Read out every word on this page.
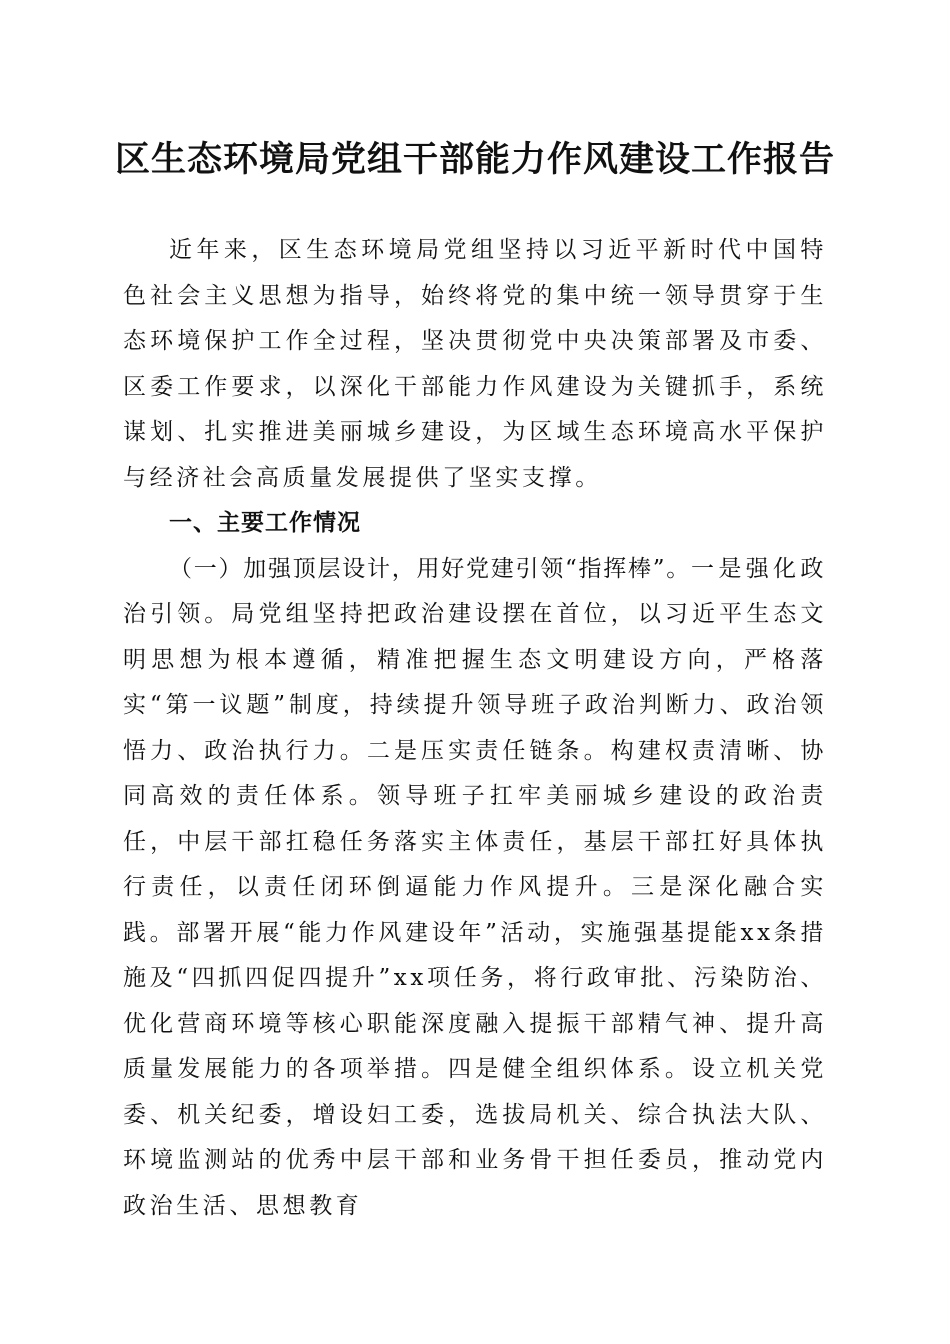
区生态环境局党组干部能力作风建设工作报告

近年来，区生态环境局党组坚持以习近平新时代中国特色社会主义思想为指导，始终将党的集中统一领导贯穿于生态环境保护工作全过程，坚决贯彻党中央决策部署及市委、区委工作要求，以深化干部能力作风建设为关键抓手，系统谋划、扎实推进美丽城乡建设，为区域生态环境高水平保护与经济社会高质量发展提供了坚实支撑。

一、主要工作情况

（一）加强顶层设计，用好党建引领“指挥棒”。一是强化政治引领。局党组坚持把政治建设摆在首位，以习近平生态文明思想为根本遵循，精准把握生态文明建设方向，严格落实“第一议题”制度，持续提升领导班子政治判断力、政治领悟力、政治执行力。二是压实责任链条。构建权责清晰、协同高效的责任体系。领导班子扛牢美丽城乡建设的政治责任，中层干部扛稳任务落实主体责任，基层干部扛好具体执行责任，以责任闭环倒逼能力作风提升。三是深化融合实践。部署开展“能力作风建设年”活动，实施强基提能xx条措施及“四抓四促四提升”xx项任务，将行政审批、污染防治、优化营商环境等核心职能深度融入提振干部精气神、提升高质量发展能力的各项举措。四是健全组织体系。设立机关党委、机关纪委，增设妇工委，选拔局机关、综合执法大队、环境监测站的优秀中层干部和业务骨干担任委员，推动党内政治生活、思想教育
